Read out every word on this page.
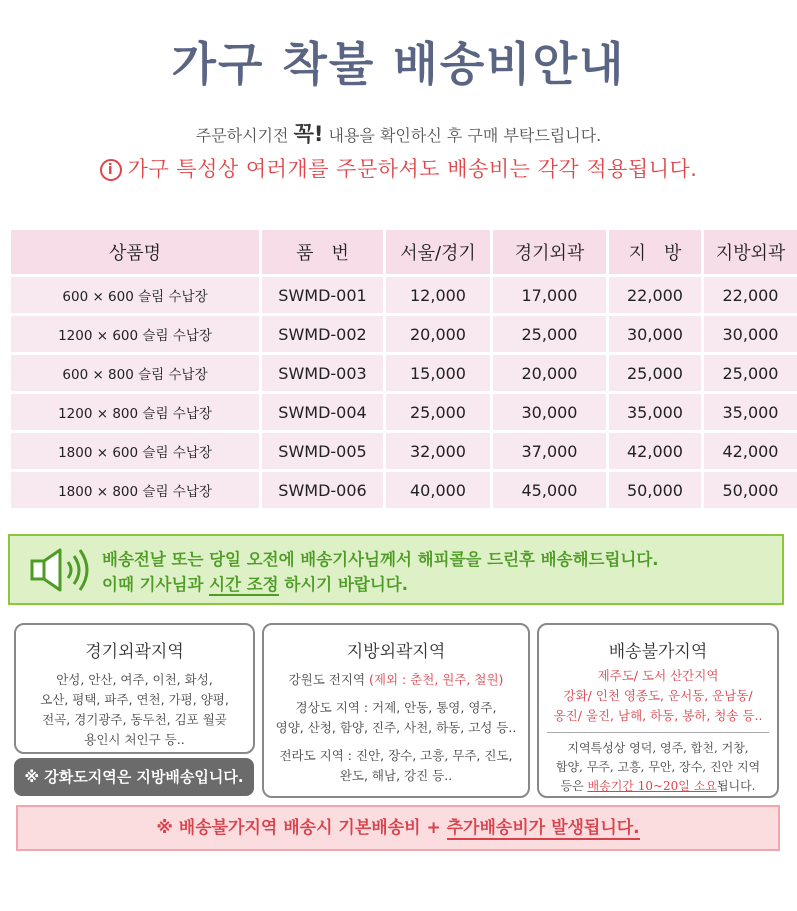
가구 착불 배송비안내
주문하시기전 꼭! 내용을 확인하신 후 구매 부탁드립니다.
i 가구 특성상 여러개를 주문하셔도 배송비는 각각 적용됩니다.
상품명	품　번	서울/경기	경기외곽	지　방	지방외곽
600 × 600 슬림 수납장	SWMD-001	12,000	17,000	22,000	22,000
1200 × 600 슬림 수납장	SWMD-002	20,000	25,000	30,000	30,000
600 × 800 슬림 수납장	SWMD-003	15,000	20,000	25,000	25,000
1200 × 800 슬림 수납장	SWMD-004	25,000	30,000	35,000	35,000
1800 × 600 슬림 수납장	SWMD-005	32,000	37,000	42,000	42,000
1800 × 800 슬림 수납장	SWMD-006	40,000	45,000	50,000	50,000
배송전날 또는 당일 오전에 배송기사님께서 해피콜을 드린후 배송해드립니다.
이때 기사님과 시간 조정 하시기 바랍니다.
경기외곽지역
안성, 안산, 여주, 이천, 화성,
오산, 평택, 파주, 연천, 가평, 양평,
전곡, 경기광주, 동두천, 김포 월곶
용인시 처인구 등..
※ 강화도지역은 지방배송입니다.
지방외곽지역
강원도 전지역 (제외 : 춘천, 원주, 철원)
경상도 지역 : 거제, 안동, 통영, 영주,
영양, 산청, 함양, 진주, 사천, 하동, 고성 등..
전라도 지역 : 진안, 장수, 고흥, 무주, 진도,
완도, 해남, 강진 등..
배송불가지역
제주도/ 도서 산간지역
강화/ 인천 영종도, 운서동, 운남동/
옹진/ 울진, 남해, 하동, 봉하, 청송 등..
지역특성상 영덕, 영주, 합천, 거창,
함양, 무주, 고흥, 무안, 장수, 진안 지역
등은 배송기간 10~20일 소요됩니다.
※ 배송불가지역 배송시 기본배송비 + 추가배송비가 발생됩니다.
